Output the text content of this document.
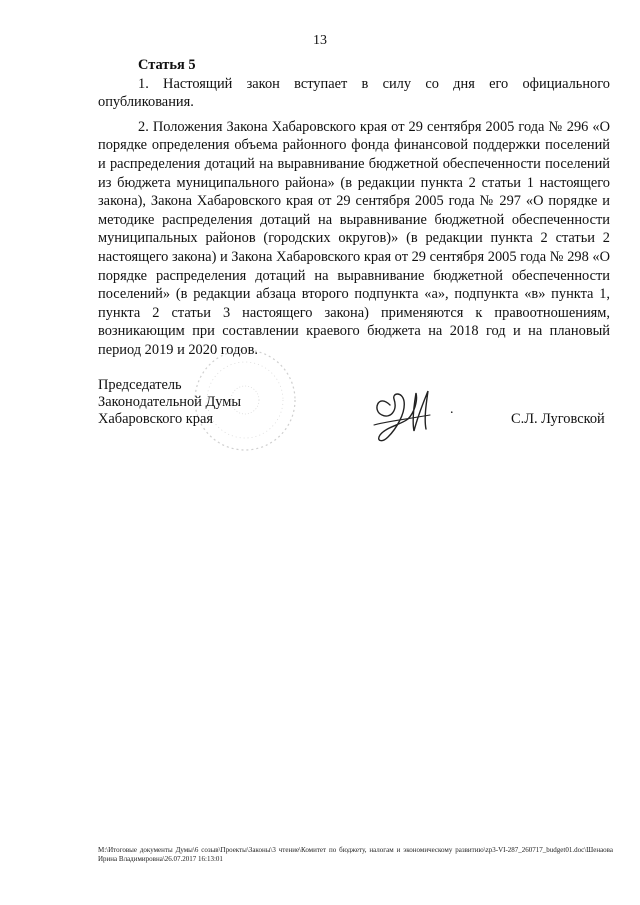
13
Статья 5

1. Настоящий закон вступает в силу со дня его официального опубликования.

2. Положения Закона Хабаровского края от 29 сентября 2005 года № 296 «О порядке определения объема районного фонда финансовой поддержки поселений и распределения дотаций на выравнивание бюджетной обеспеченности поселений из бюджета муниципального района» (в редакции пункта 2 статьи 1 настоящего закона), Закона Хабаровского края от 29 сентября 2005 года № 297 «О порядке и методике распределения дотаций на выравнивание бюджетной обеспеченности муниципальных районов (городских округов)» (в редакции пункта 2 статьи 2 настоящего закона) и Закона Хабаровского края от 29 сентября 2005 года № 298 «О порядке распределения дотаций на выравнивание бюджетной обеспеченности поселений» (в редакции абзаца второго подпункта «а», подпункта «в» пункта 1, пункта 2 статьи 3 настоящего закона) применяются к правоотношениям, возникающим при составлении краевого бюджета на 2018 год и на плановый период 2019 и 2020 годов.

Председатель
Законодательной Думы
Хабаровского края
.
С.Л. Луговской
M:\Итоговые документы Думы\6 созыв\Проекты\Законы\3 чтение\Комитет по бюджету, налогам и экономическому развитию\zp3-VI-287_260717_budget01.doc\Шенаова Ирина Владимировна\26.07.2017 16:13:01
